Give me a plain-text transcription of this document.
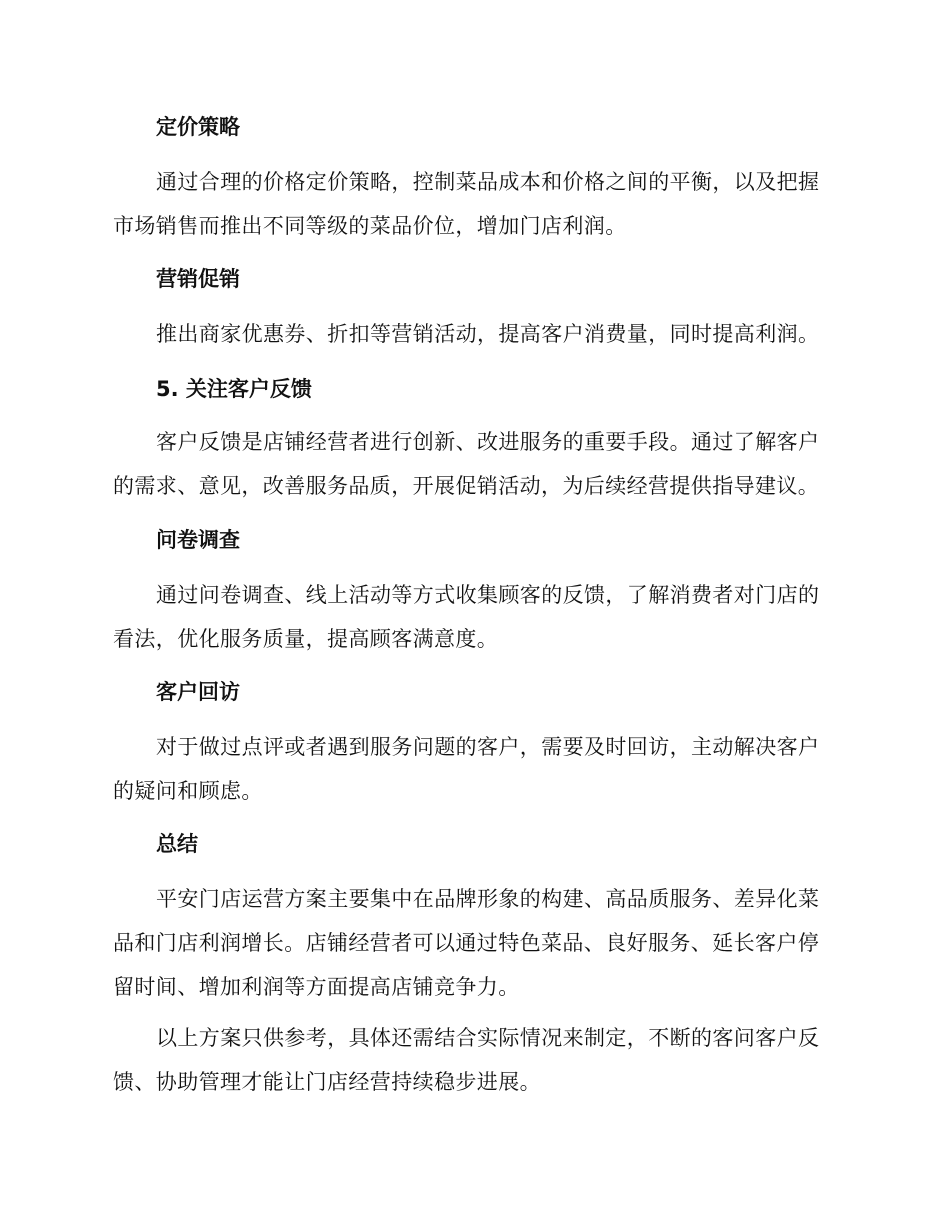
定价策略
通过合理的价格定价策略，控制菜品成本和价格之间的平衡，以及把握市场销售而推出不同等级的菜品价位，增加门店利润。
营销促销
推出商家优惠券、折扣等营销活动，提高客户消费量，同时提高利润。
5. 关注客户反馈
客户反馈是店铺经营者进行创新、改进服务的重要手段。通过了解客户的需求、意见，改善服务品质，开展促销活动，为后续经营提供指导建议。
问卷调查
通过问卷调查、线上活动等方式收集顾客的反馈，了解消费者对门店的看法，优化服务质量，提高顾客满意度。
客户回访
对于做过点评或者遇到服务问题的客户，需要及时回访，主动解决客户的疑问和顾虑。
总结
平安门店运营方案主要集中在品牌形象的构建、高品质服务、差异化菜品和门店利润增长。店铺经营者可以通过特色菜品、良好服务、延长客户停留时间、增加利润等方面提高店铺竞争力。
以上方案只供参考，具体还需结合实际情况来制定，不断的客问客户反馈、协助管理才能让门店经营持续稳步进展。
